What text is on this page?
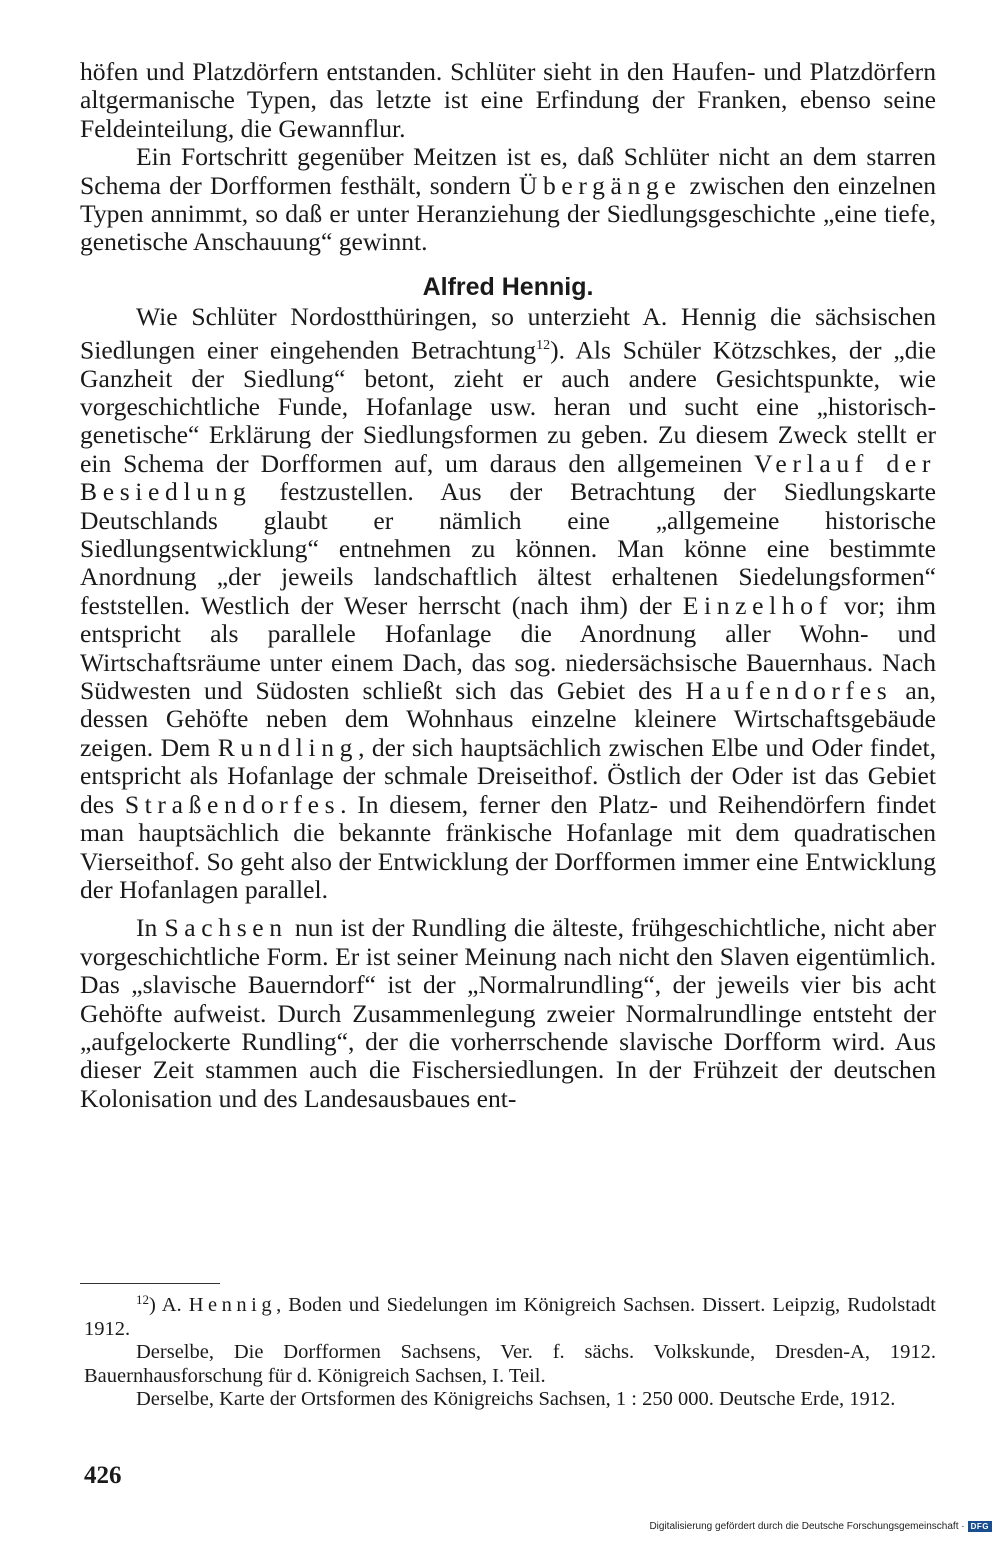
höfen und Platzdörfern entstanden. Schlüter sieht in den Haufen- und Platzdörfern altgermanische Typen, das letzte ist eine Erfindung der Franken, ebenso seine Feldeinteilung, die Gewannflur.

Ein Fortschritt gegenüber Meitzen ist es, daß Schlüter nicht an dem starren Schema der Dorfformen festhält, sondern Übergänge zwischen den einzelnen Typen annimmt, so daß er unter Heranziehung der Siedlungsgeschichte „eine tiefe, genetische Anschauung“ gewinnt.

Alfred Hennig.

Wie Schlüter Nordostthüringen, so unterzieht A. Hennig die sächsischen Siedlungen einer eingehenden Betrachtung$^{12}$). Als Schüler Kötzschkes, der „die Ganzheit der Siedlung“ betont, zieht er auch andere Gesichtspunkte, wie vorgeschichtliche Funde, Hofanlage usw. heran und sucht eine „historisch-genetische“ Erklärung der Siedlungsformen zu geben. Zu diesem Zweck stellt er ein Schema der Dorfformen auf, um daraus den allgemeinen Verlauf der Besiedlung festzustellen. Aus der Betrachtung der Siedlungskarte Deutschlands glaubt er nämlich eine „allgemeine historische Siedlungsentwicklung“ entnehmen zu können. Man könne eine bestimmte Anordnung „der jeweils landschaftlich ältest erhaltenen Siedelungsformen“ feststellen. Westlich der Weser herrscht (nach ihm) der Einzelhof vor; ihm entspricht als parallele Hofanlage die Anordnung aller Wohn- und Wirtschaftsräume unter einem Dach, das sog. niedersächsische Bauernhaus. Nach Südwesten und Südosten schließt sich das Gebiet des Haufendorfes an, dessen Gehöfte neben dem Wohnhaus einzelne kleinere Wirtschaftsgebäude zeigen. Dem Rundling, der sich hauptsächlich zwischen Elbe und Oder findet, entspricht als Hofanlage der schmale Dreiseithof. Östlich der Oder ist das Gebiet des Straßendorfes. In diesem, ferner den Platz- und Reihendörfern findet man hauptsächlich die bekannte fränkische Hofanlage mit dem quadratischen Vierseithof. So geht also der Entwicklung der Dorfformen immer eine Entwicklung der Hofanlagen parallel.

In Sachsen nun ist der Rundling die älteste, frühgeschichtliche, nicht aber vorgeschichtliche Form. Er ist seiner Meinung nach nicht den Slaven eigentümlich. Das „slavische Bauerndorf“ ist der „Normalrundling“, der jeweils vier bis acht Gehöfte aufweist. Durch Zusammenlegung zweier Normalrundlinge entsteht der „aufgelockerte Rundling“, der die vorherrschende slavische Dorfform wird. Aus dieser Zeit stammen auch die Fischersiedlungen. In der Frühzeit der deutschen Kolonisation und des Landesausbaues ent-

$^{12}$) A. Hennig, Boden und Siedelungen im Königreich Sachsen. Dissert. Leipzig, Rudolstadt 1912.

Derselbe, Die Dorfformen Sachsens, Ver. f. sächs. Volkskunde, Dresden-A, 1912. Bauernhausforschung für d. Königreich Sachsen, I. Teil.

Derselbe, Karte der Ortsformen des Königreichs Sachsen, 1 : 250 000. Deutsche Erde, 1912.

426
Digitalisierung gefördert durch die Deutsche Forschungsgemeinschaft · DFG
